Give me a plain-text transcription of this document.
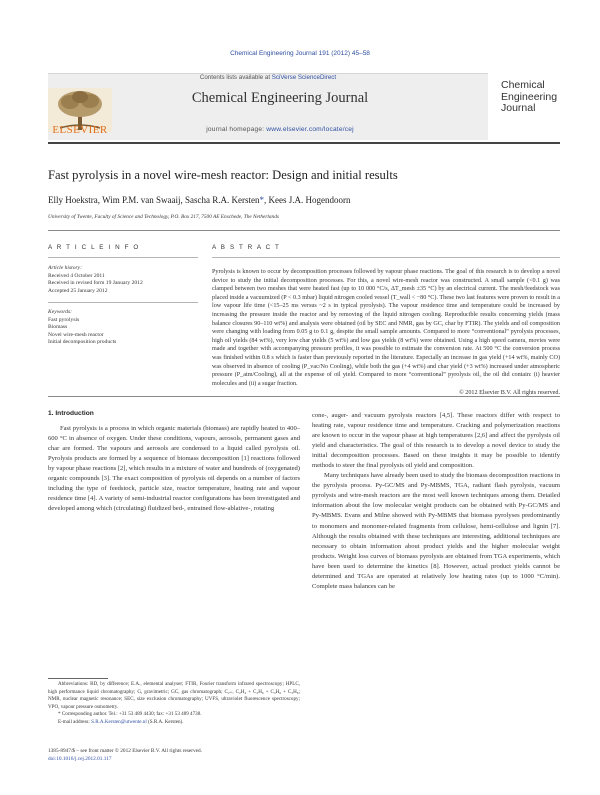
Chemical Engineering Journal 191 (2012) 45–58
Contents lists available at SciVerse ScienceDirect
ELSEVIER
Chemical Engineering Journal
journal homepage: www.elsevier.com/locate/cej
Chemical
Engineering
Journal
Fast pyrolysis in a novel wire-mesh reactor: Design and initial results
Elly Hoekstra, Wim P.M. van Swaaij, Sascha R.A. Kersten*, Kees J.A. Hogendoorn
University of Twente, Faculty of Science and Technology, P.O. Box 217, 7500 AE Enschede, The Netherlands
A R T I C L E I N F O
Article history:
Received 4 October 2011
Received in revised form 19 January 2012
Accepted 25 January 2012
Keywords:
Fast pyrolysis
Biomass
Novel wire-mesh reactor
Initial decomposition products
A B S T R A C T

Pyrolysis is known to occur by decomposition processes followed by vapour phase reactions. The goal of this research is to develop a novel device to study the initial decomposition processes. For this, a novel wire-mesh reactor was constructed. A small sample (<0.1 g) was clamped between two meshes that were heated fast (up to 10 000 °C/s, ΔT_mesh ±35 °C) by an electrical current. The mesh/feedstock was placed inside a vacuumized (P < 0.3 mbar) liquid nitrogen cooled vessel (T_wall < −80 °C). These two last features were proven to result in a low vapour life time (<15–25 ms versus ~2 s in typical pyrolysis). The vapour residence time and temperature could be increased by increasing the pressure inside the reactor and by removing of the liquid nitrogen cooling. Reproducible results concerning yields (mass balance closures 90–110 wt%) and analysis were obtained (oil by SEC and NMR, gas by GC, char by FTIR). The yields and oil composition were changing with loading from 0.05 g to 0.1 g, despite the small sample amounts. Compared to more “conventional” pyrolysis processes, high oil yields (84 wt%), very low char yields (5 wt%) and low gas yields (8 wt%) were obtained. Using a high speed camera, movies were made and together with accompanying pressure profiles, it was possible to estimate the conversion rate. At 500 °C the conversion process was finished within 0.8 s which is faster than previously reported in the literature. Especially an increase in gas yield (+14 wt%, mainly CO) was observed in absence of cooling (P_vac/No Cooling), while both the gas (+4 wt%) and char yield (+3 wt%) increased under atmospheric pressure (P_atm/Cooling), all at the expense of oil yield. Compared to more “conventional” pyrolysis oil, the oil did contain: (i) heavier molecules and (ii) a sugar fraction.

© 2012 Elsevier B.V. All rights reserved.

1. Introduction

Fast pyrolysis is a process in which organic materials (biomass) are rapidly heated to 400–600 °C in absence of oxygen. Under these conditions, vapours, aerosols, permanent gases and char are formed. The vapours and aerosols are condensed to a liquid called pyrolysis oil. Pyrolysis products are formed by a sequence of biomass decomposition [1] reactions followed by vapour phase reactions [2], which results in a mixture of water and hundreds of (oxygenated) organic compounds [3]. The exact composition of pyrolysis oil depends on a number of factors including the type of feedstock, particle size, reactor temperature, heating rate and vapour residence time [4]. A variety of semi-industrial reactor configurations has been investigated and developed among which (circulating) fluidized bed-, entrained flow-ablative-, rotating

cone-, auger- and vacuum pyrolysis reactors [4,5]. These reactors differ with respect to heating rate, vapour residence time and temperature. Cracking and polymerization reactions are known to occur in the vapour phase at high temperatures [2,6] and affect the pyrolysis oil yield and characteristics. The goal of this research is to develop a novel device to study the initial decomposition processes. Based on these insights it may be possible to identify methods to steer the final pyrolysis oil yield and composition.

Many techniques have already been used to study the biomass decomposition reactions in the pyrolysis process. Py-GC/MS and Py-MBMS, TGA, radiant flash pyrolysis, vacuum pyrolysis and wire-mesh reactors are the most well known techniques among them. Detailed information about the low molecular weight products can be obtained with Py-GC/MS and Py-MBMS. Evans and Milne showed with Py-MBMS that biomass pyrolyses predominantly to monomers and monomer-related fragments from cellulose, hemi-cellulose and lignin [7]. Although the results obtained with these techniques are interesting, additional techniques are necessary to obtain information about product yields and the higher molecular weight products. Weight loss curves of biomass pyrolysis are obtained from TGA experiments, which have been used to determine the kinetics [8]. However, actual product yields cannot be determined and TGAs are operated at relatively low heating rates (up to 1000 °C/min). Complete mass balances can be

Abbreviations: BD, by difference; E.A., elemental analyser; FTIR, Fourier transform infrared spectroscopy; HPLC, high performance liquid chromatography; G, gravimetric; GC, gas chromatograph; C₂₊, C₂H₄ + C₂H₆ + C₃H₆ + C₃H₈; NMR, nuclear magnetic resonance; SEC, size exclusion chromatography; UVFS, ultraviolet fluorescence spectroscopy; VPO, vapour pressure osmometry.

* Corresponding author. Tel.: +31 53 489 4430; fax: +31 53 489 4738.

E-mail address: S.R.A.Kersten@utwente.nl (S.R.A. Kersten).

1385-8947/$ – see front matter © 2012 Elsevier B.V. All rights reserved.
doi:10.1016/j.cej.2012.01.117
